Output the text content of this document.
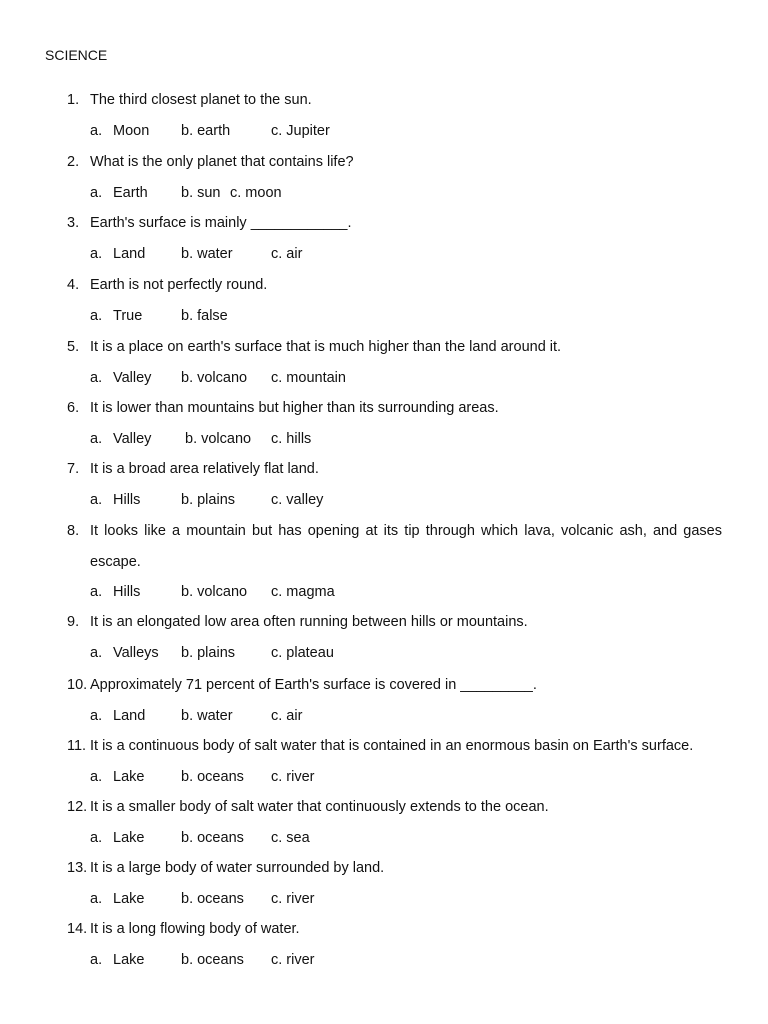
SCIENCE
1. The third closest planet to the sun.
a. Moon b. earth	c. Jupiter
2. What is the only planet that contains life?
a. Earth b. sun c. moon
3. Earth's surface is mainly ____________.
a. Land b. water	c. air
4. Earth is not perfectly round.
a. True	b. false
5. It is a place on earth's surface that is much higher than the land around it.
a. Valley b. volcano c. mountain
6. It is lower than mountains but higher than its surrounding areas.
a. Valley b. volcano c. hills
7. It is a broad area relatively flat land.
a. Hills	b. plains c. valley
8. It looks like a mountain but has opening at its tip through which lava, volcanic ash, and gases
escape.
a. Hills	b. volcano c. magma
9. It is an elongated low area often running between hills or mountains.
a. Valleys b. plains c. plateau
10. Approximately 71 percent of Earth's surface is covered in _________.
a. Land b. water	c. air
11. It is a continuous body of salt water that is contained in an enormous basin on Earth's surface.
a. Lake	b. oceans c. river
12. It is a smaller body of salt water that continuously extends to the ocean.
a. Lake	b. oceans c. sea
13. It is a large body of water surrounded by land.
a. Lake	b. oceans c. river
14. It is a long flowing body of water.
a. Lake	b. oceans c. river
